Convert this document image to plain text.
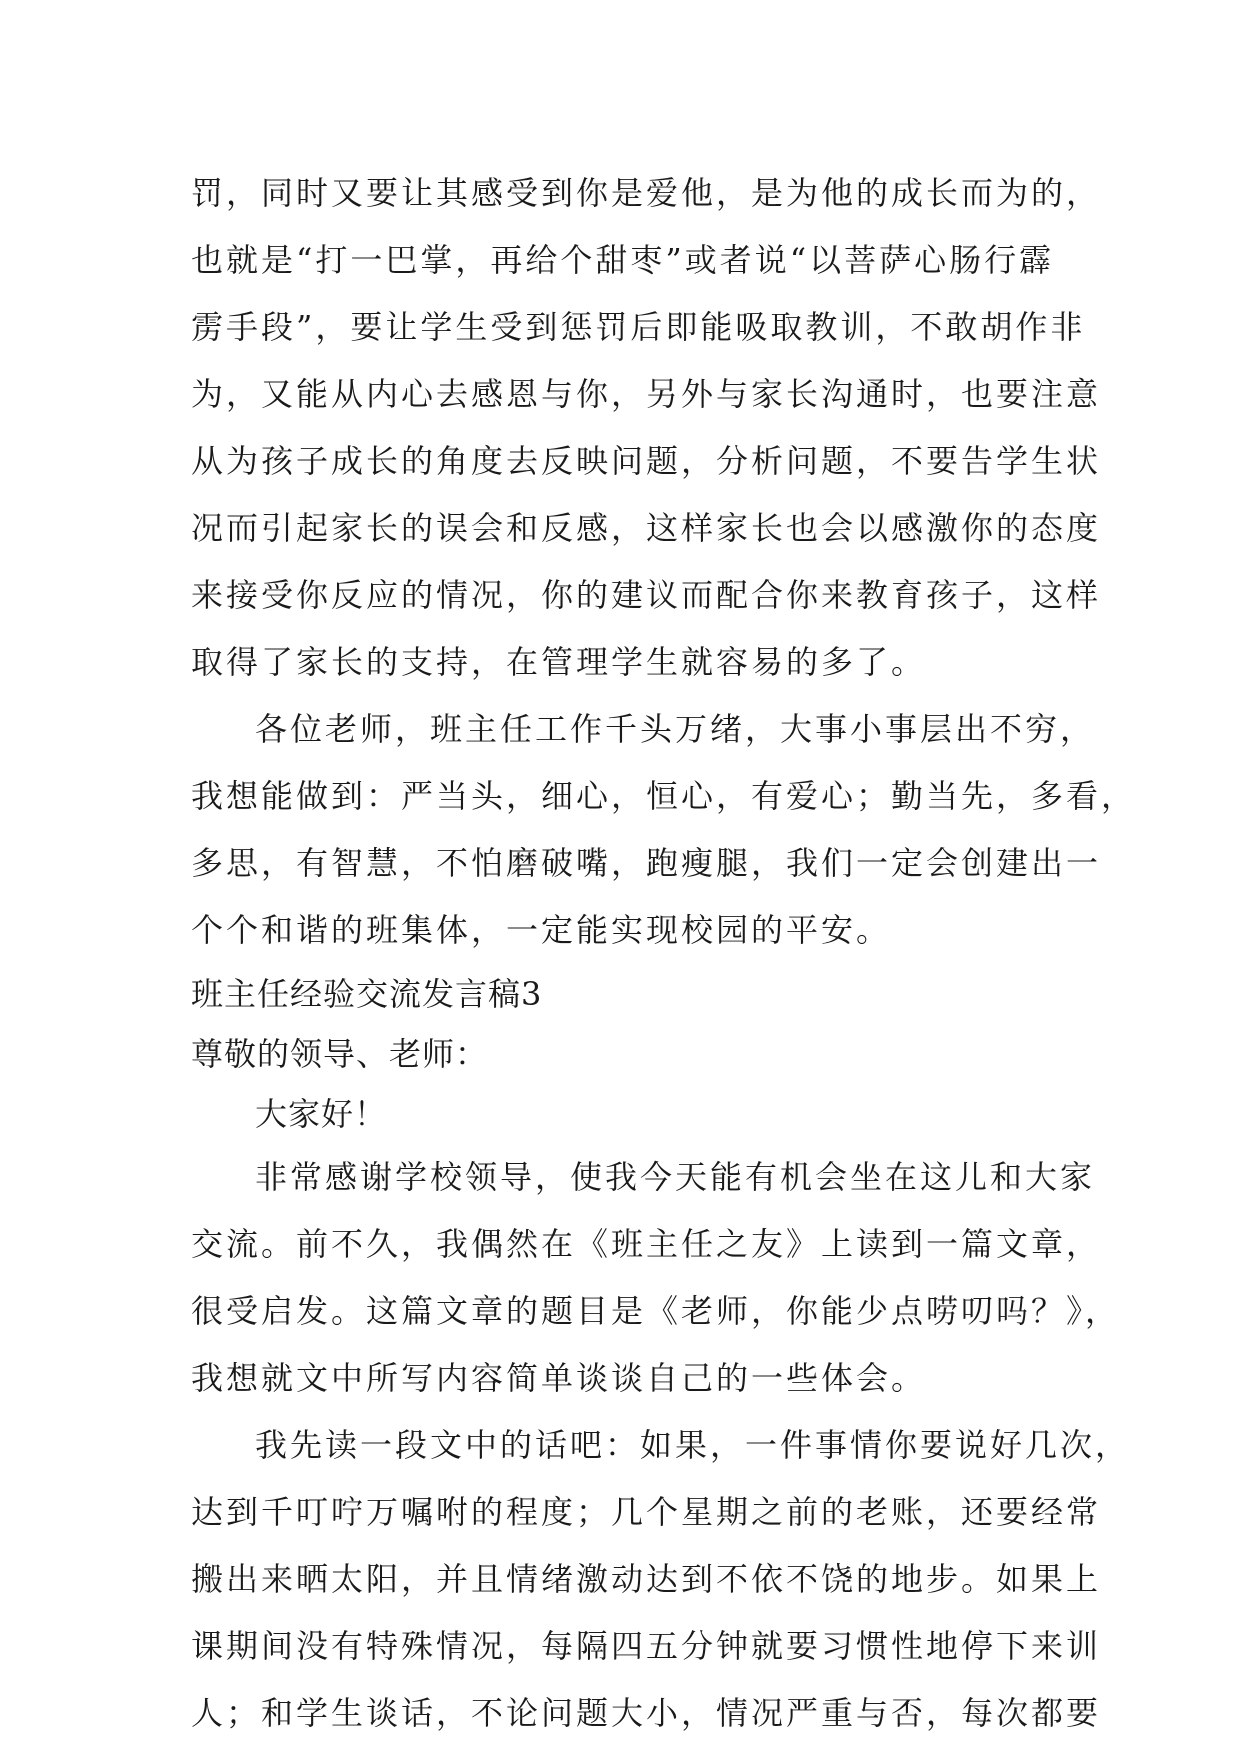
罚，同时又要让其感受到你是爱他，是为他的成长而为的，
也就是“打一巴掌，再给个甜枣”或者说“以菩萨心肠行霹
雳手段”，要让学生受到惩罚后即能吸取教训，不敢胡作非
为，又能从内心去感恩与你，另外与家长沟通时，也要注意
从为孩子成长的角度去反映问题，分析问题，不要告学生状
况而引起家长的误会和反感，这样家长也会以感激你的态度
来接受你反应的情况，你的建议而配合你来教育孩子，这样
取得了家长的支持，在管理学生就容易的多了。
各位老师，班主任工作千头万绪，大事小事层出不穷，
我想能做到：严当头，细心，恒心，有爱心；勤当先，多看，
多思，有智慧，不怕磨破嘴，跑瘦腿，我们一定会创建出一
个个和谐的班集体，一定能实现校园的平安。
班主任经验交流发言稿3
尊敬的领导、老师：
大家好！
非常感谢学校领导，使我今天能有机会坐在这儿和大家
交流。前不久，我偶然在《班主任之友》上读到一篇文章，
很受启发。这篇文章的题目是《老师，你能少点唠叨吗？》，
我想就文中所写内容简单谈谈自己的一些体会。
我先读一段文中的话吧：如果，一件事情你要说好几次，
达到千叮咛万嘱咐的程度；几个星期之前的老账，还要经常
搬出来晒太阳，并且情绪激动达到不依不饶的地步。如果上
课期间没有特殊情况，每隔四五分钟就要习惯性地停下来训
人；和学生谈话，不论问题大小，情况严重与否，每次都要
